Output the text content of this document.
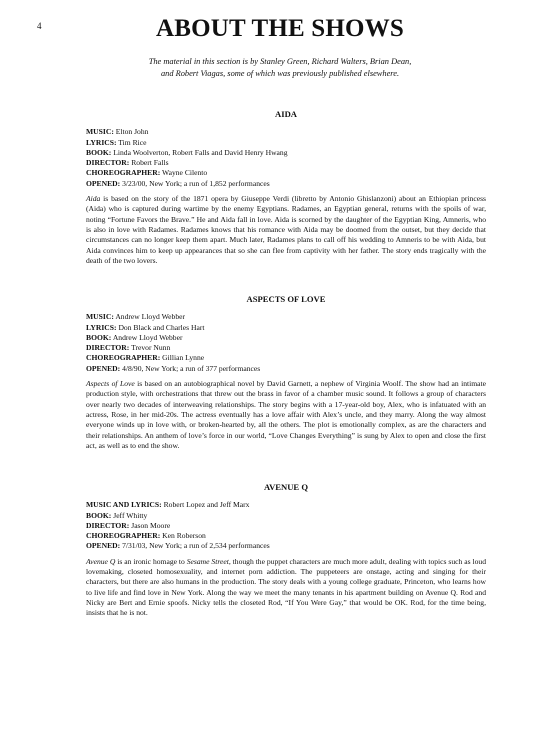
4	ABOUT THE SHOWS
The material in this section is by Stanley Green, Richard Walters, Brian Dean,
and Robert Viagas, some of which was previously published elsewhere.
AIDA

MUSIC: Elton John

LYRICS: Tim Rice

BOOK: Linda Woolverton, Robert Falls and David Henry Hwang

DIRECTOR: Robert Falls

CHOREOGRAPHER: Wayne Cilento

OPENED: 3/23/00, New York; a run of 1,852 performances

Aida is based on the story of the 1871 opera by Giuseppe Verdi (libretto by Antonio Ghislanzoni) about an Ethiopian princess (Aida) who is captured during wartime by the enemy Egyptians. Radames, an Egyptian general, returns with the spoils of war, noting “Fortune Favors the Brave.” He and Aida fall in love. Aida is scorned by the daughter of the Egyptian King, Amneris, who is also in love with Radames. Radames knows that his romance with Aida may be doomed from the outset, but they decide that circumstances can no longer keep them apart. Much later, Radames plans to call off his wedding to Amneris to be with Aida, but Aida convinces him to keep up appearances that so she can flee from captivity with her father. The story ends tragically with the death of the two lovers.

ASPECTS OF LOVE

MUSIC: Andrew Lloyd Webber

LYRICS: Don Black and Charles Hart

BOOK: Andrew Lloyd Webber

DIRECTOR: Trevor Nunn

CHOREOGRAPHER: Gillian Lynne

OPENED: 4/8/90, New York; a run of 377 performances

Aspects of Love is based on an autobiographical novel by David Garnett, a nephew of Virginia Woolf. The show had an intimate production style, with orchestrations that threw out the brass in favor of a chamber music sound. It follows a group of characters over nearly two decades of interweaving relationships. The story begins with a 17-year-old boy, Alex, who is infatuated with an actress, Rose, in her mid-20s. The actress eventually has a love affair with Alex’s uncle, and they marry. Along the way almost everyone winds up in love with, or broken-hearted by, all the others. The plot is emotionally complex, as are the characters and their relationships. An anthem of love’s force in our world, “Love Changes Everything” is sung by Alex to open and close the first act, as well as to end the show.

AVENUE Q

MUSIC AND LYRICS: Robert Lopez and Jeff Marx

BOOK: Jeff Whitty

DIRECTOR: Jason Moore

CHOREOGRAPHER: Ken Roberson

OPENED: 7/31/03, New York; a run of 2,534 performances

Avenue Q is an ironic homage to Sesame Street, though the puppet characters are much more adult, dealing with topics such as loud lovemaking, closeted homosexuality, and internet porn addiction. The puppeteers are onstage, acting and singing for their characters, but there are also humans in the production. The story deals with a young college graduate, Princeton, who learns how to live life and find love in New York. Along the way we meet the many tenants in his apartment building on Avenue Q. Rod and Nicky are Bert and Ernie spoofs. Nicky tells the closeted Rod, “If You Were Gay,” that would be OK. Rod, for the time being, insists that he is not.
